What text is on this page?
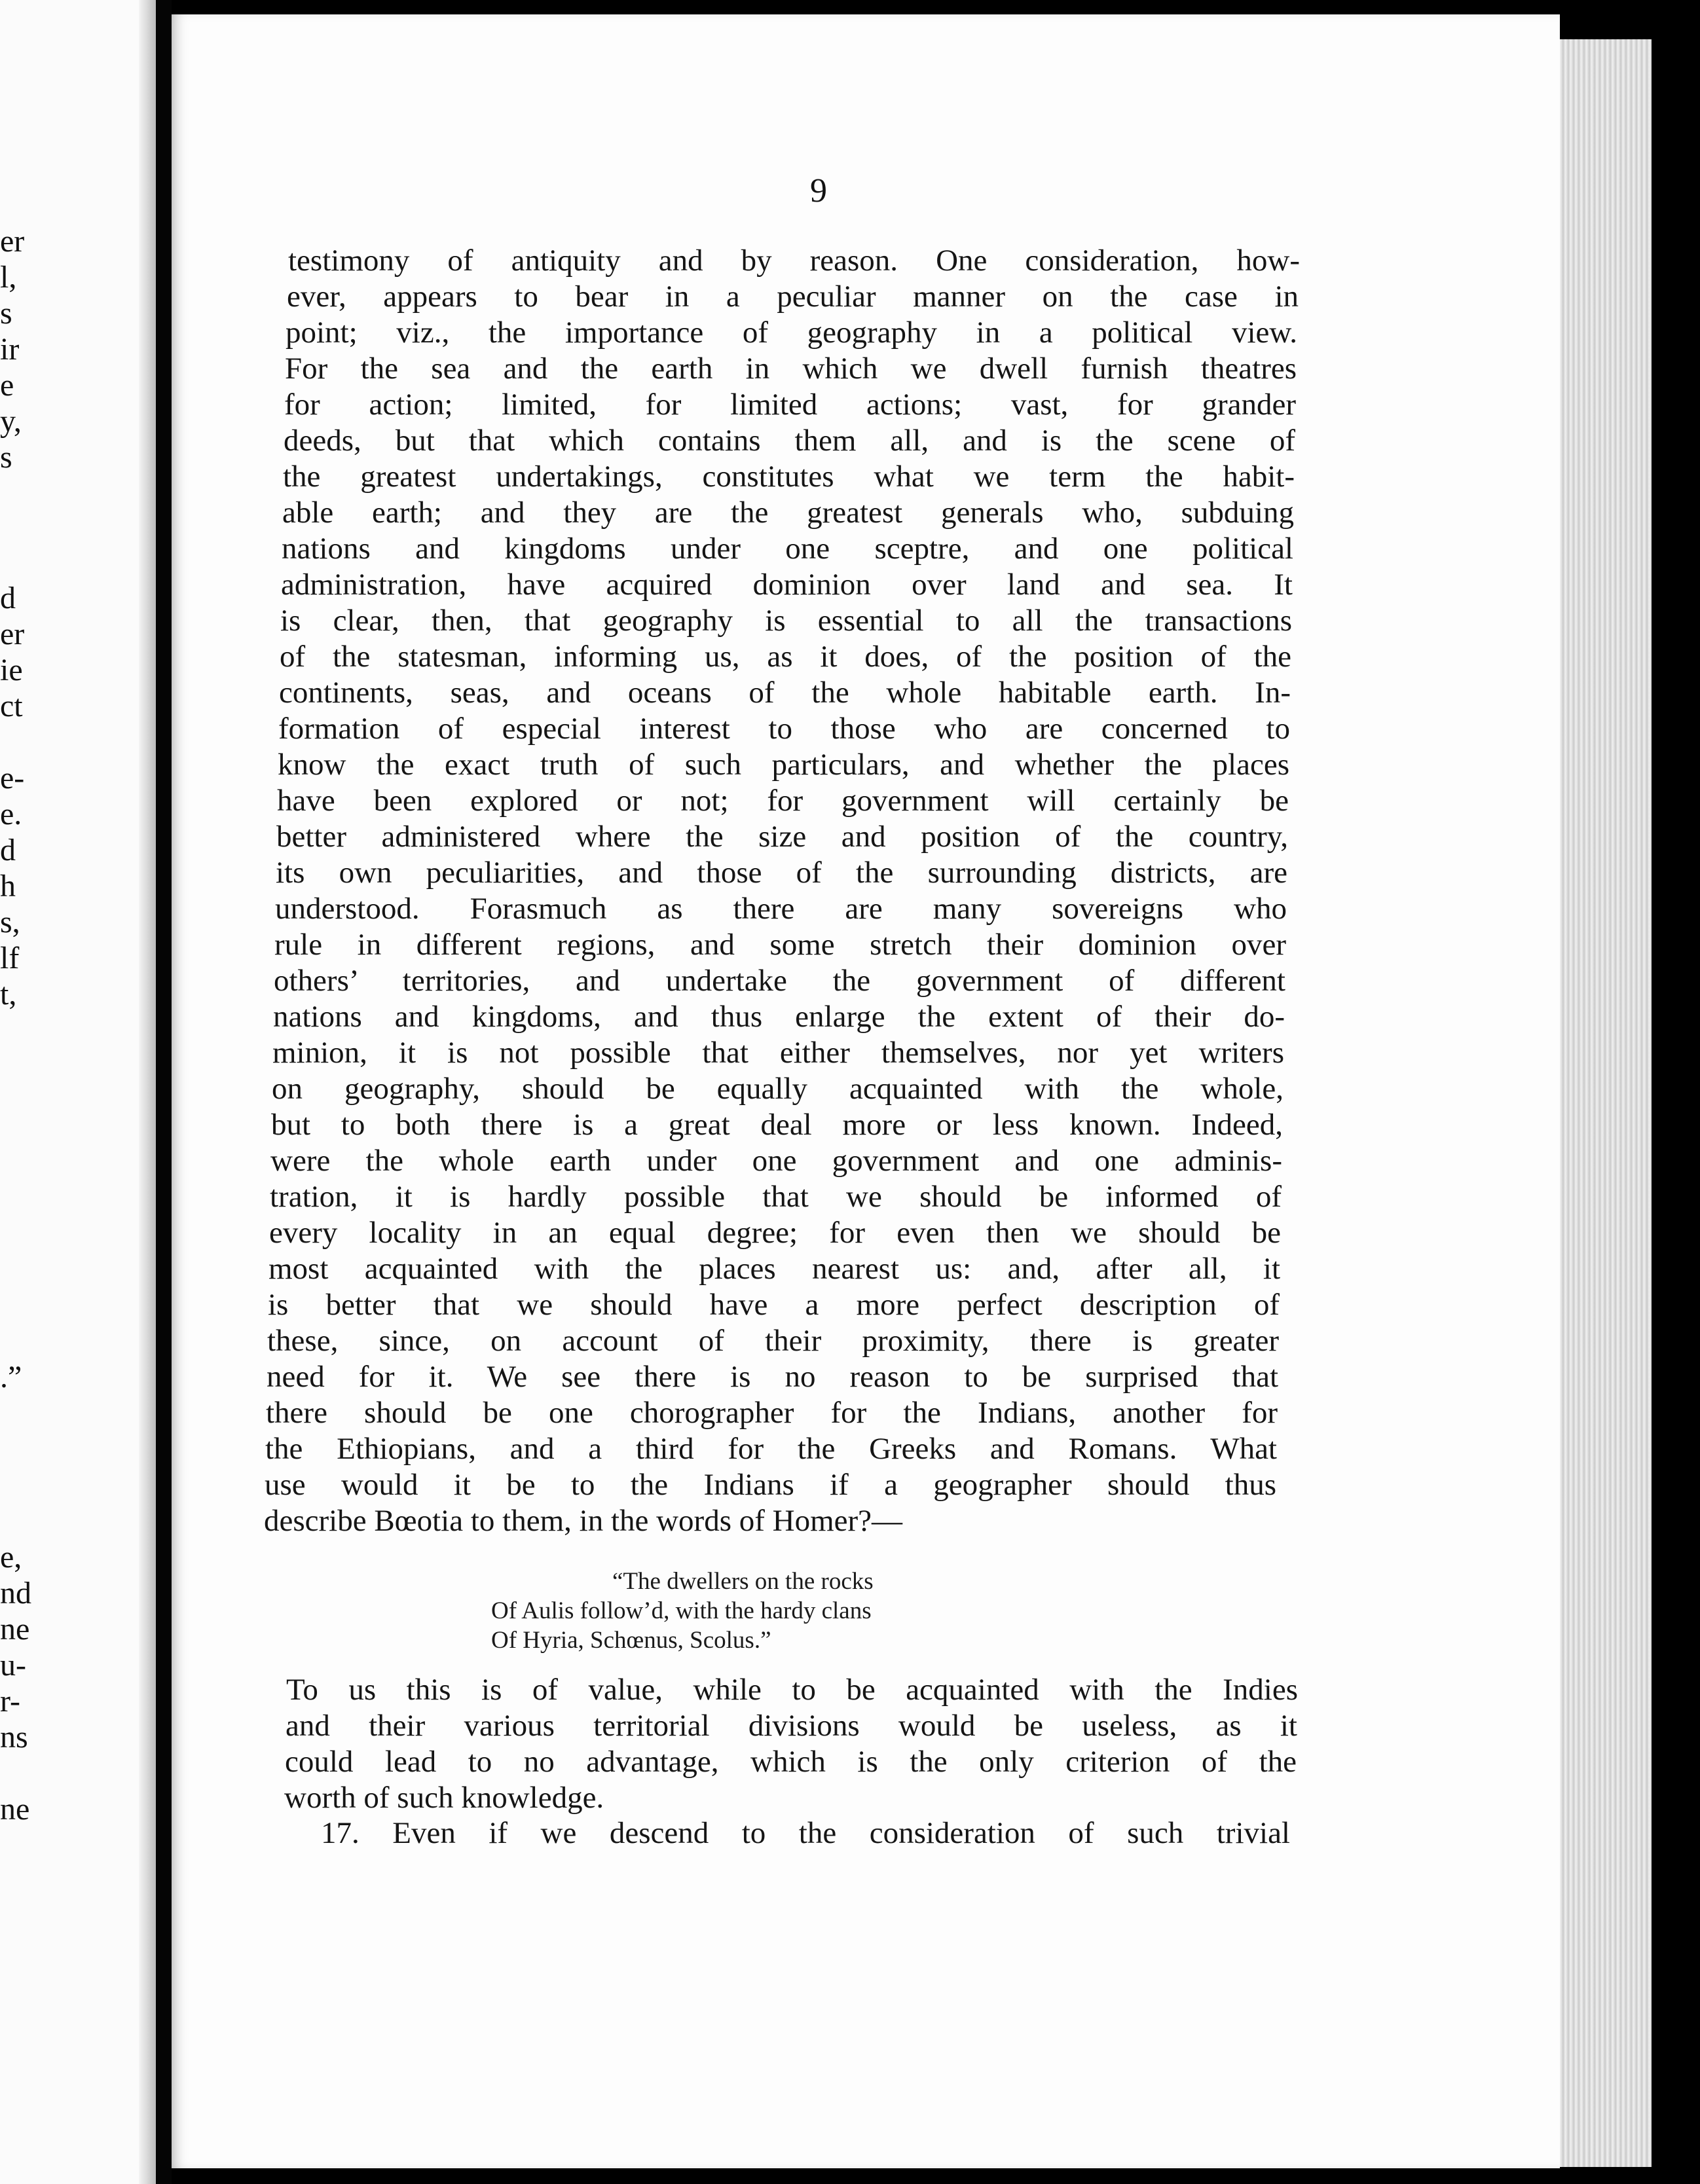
er
l,
s
ir
e
y,
s
d
er
ie
ct
e-
e.
d
h
s,
lf
t,
.”
e,
nd
ne
u-
r-
ns
ne
9
testimony of antiquity and by reason. One consideration, how-
ever, appears to bear in a peculiar manner on the case in
point; viz., the importance of geography in a political view.
For the sea and the earth in which we dwell furnish theatres
for action; limited, for limited actions; vast, for grander
deeds, but that which contains them all, and is the scene of
the greatest undertakings, constitutes what we term the habit-
able earth; and they are the greatest generals who, subduing
nations and kingdoms under one sceptre, and one political
administration, have acquired dominion over land and sea. It
is clear, then, that geography is essential to all the transactions
of the statesman, informing us, as it does, of the position of the
continents, seas, and oceans of the whole habitable earth. In-
formation of especial interest to those who are concerned to
know the exact truth of such particulars, and whether the places
have been explored or not; for government will certainly be
better administered where the size and position of the country,
its own peculiarities, and those of the surrounding districts, are
understood. Forasmuch as there are many sovereigns who
rule in different regions, and some stretch their dominion over
others’ territories, and undertake the government of different
nations and kingdoms, and thus enlarge the extent of their do-
minion, it is not possible that either themselves, nor yet writers
on geography, should be equally acquainted with the whole,
but to both there is a great deal more or less known. Indeed,
were the whole earth under one government and one adminis-
tration, it is hardly possible that we should be informed of
every locality in an equal degree; for even then we should be
most acquainted with the places nearest us: and, after all, it
is better that we should have a more perfect description of
these, since, on account of their proximity, there is greater
need for it. We see there is no reason to be surprised that
there should be one chorographer for the Indians, another for
the Ethiopians, and a third for the Greeks and Romans. What
use would it be to the Indians if a geographer should thus
describe Bœotia to them, in the words of Homer?—
“The dwellers on the rocks
Of Aulis follow’d, with the hardy clans
Of Hyria, Schœnus, Scolus.”
To us this is of value, while to be acquainted with the Indies
and their various territorial divisions would be useless, as it
could lead to no advantage, which is the only criterion of the
worth of such knowledge.
17. Even if we descend to the consideration of such trivial
